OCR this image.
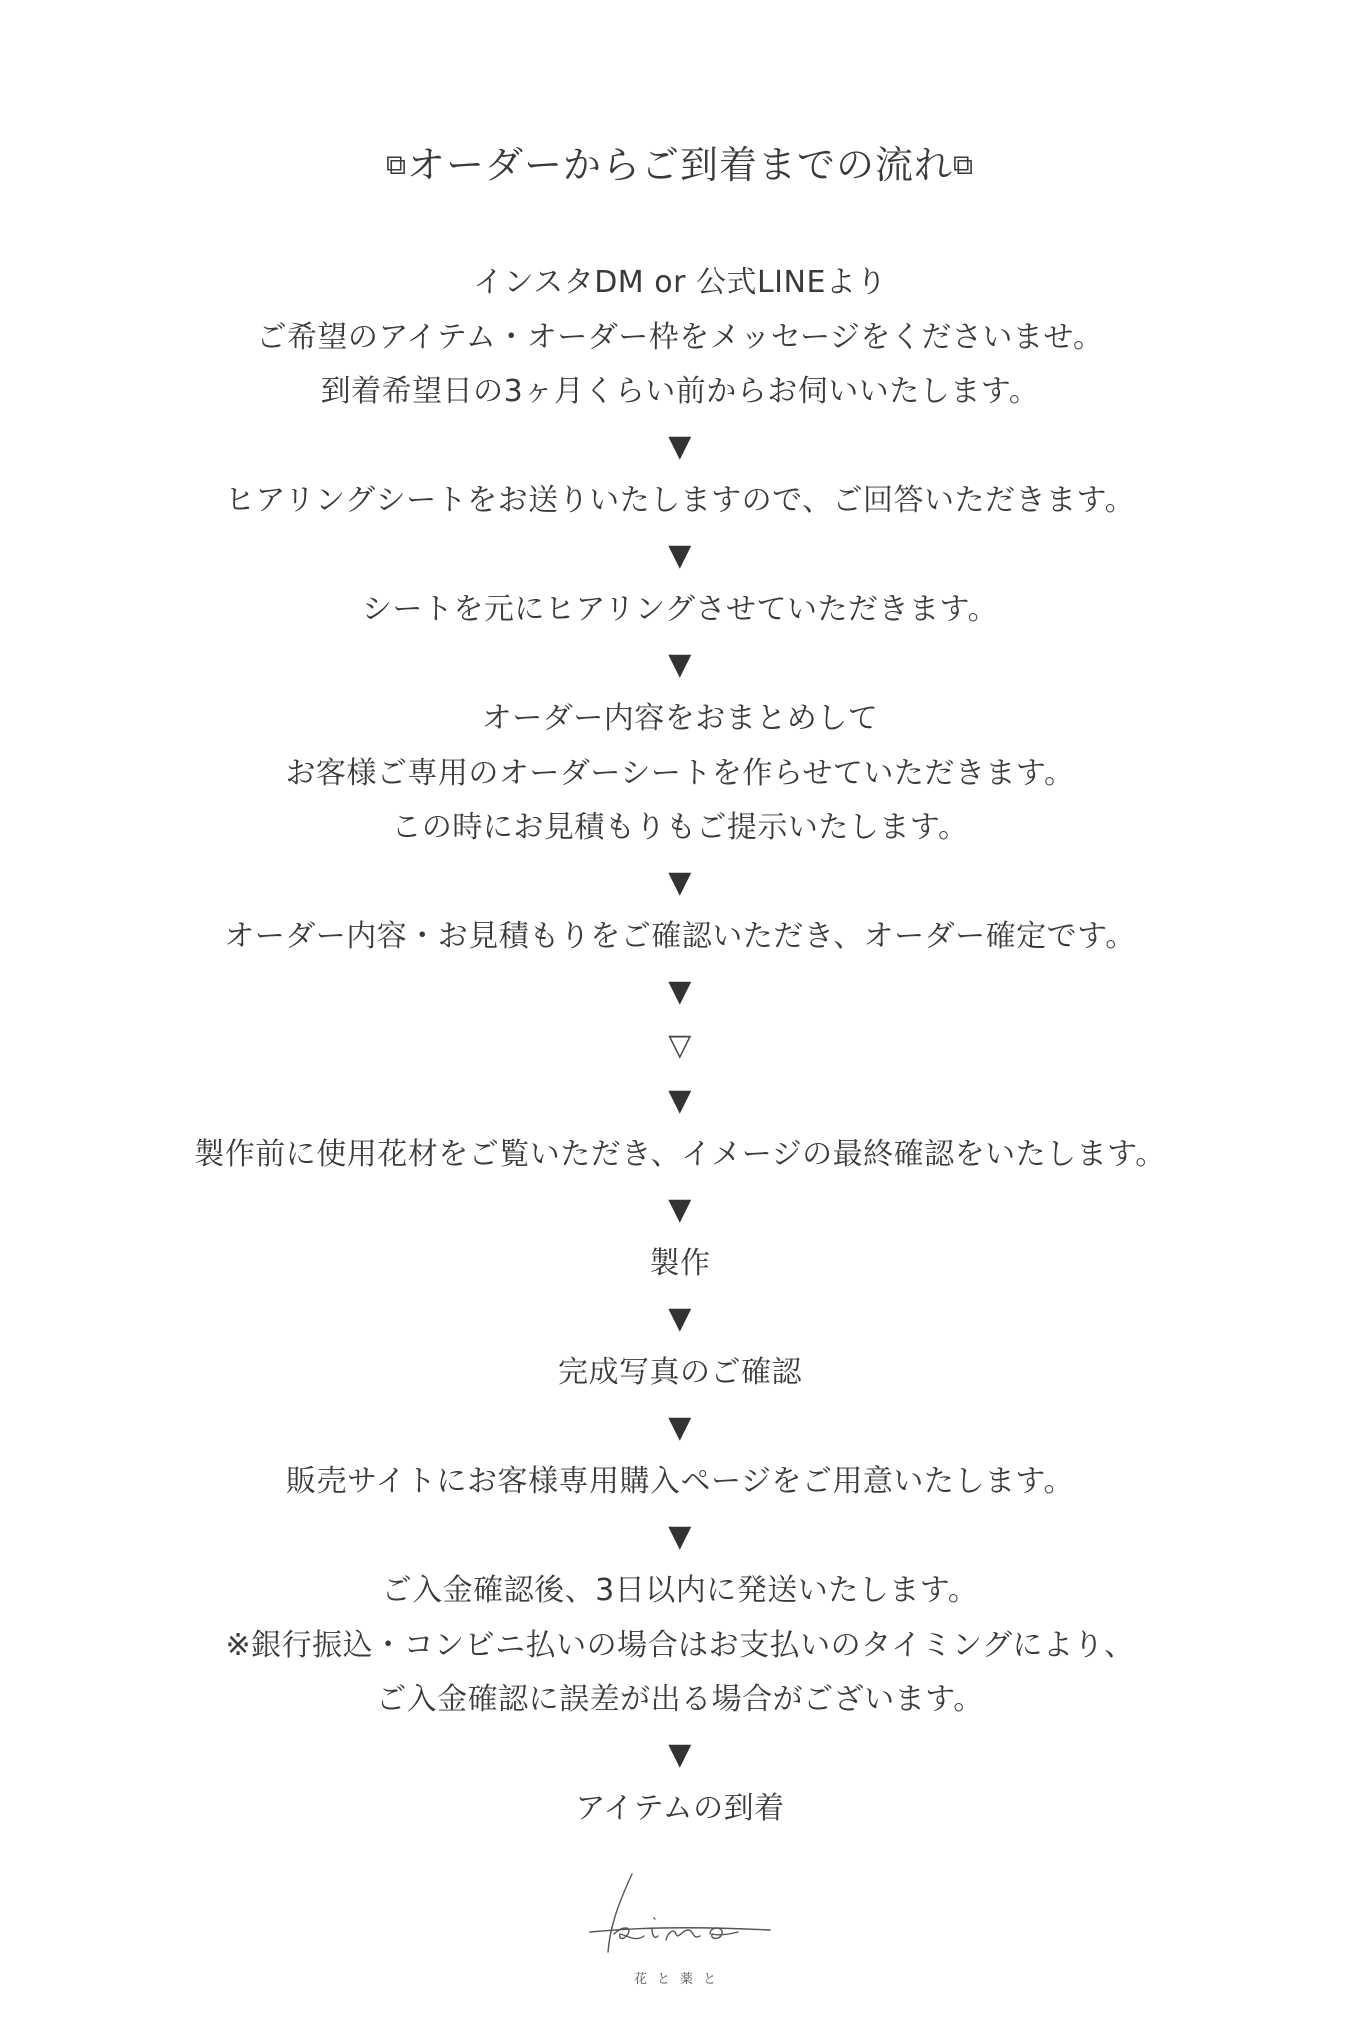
⧉オーダーからご到着までの流れ⧉
インスタDM or 公式LINEより
ご希望のアイテム・オーダー枠をメッセージをくださいませ。
到着希望日の3ヶ月くらい前からお伺いいたします。
▼
ヒアリングシートをお送りいたしますので、ご回答いただきます。
▼
シートを元にヒアリングさせていただきます。
▼
オーダー内容をおまとめして
お客様ご専用のオーダーシートを作らせていただきます。
この時にお見積もりもご提示いたします。
▼
オーダー内容・お見積もりをご確認いただき、オーダー確定です。
▼
▽
▼
製作前に使用花材をご覧いただき、イメージの最終確認をいたします。
▼
製作
▼
完成写真のご確認
▼
販売サイトにお客様専用購入ページをご用意いたします。
▼
ご入金確認後、3日以内に発送いたします。
※銀行振込・コンビニ払いの場合はお支払いのタイミングにより、
ご入金確認に誤差が出る場合がございます。
▼
アイテムの到着
花と薬と
